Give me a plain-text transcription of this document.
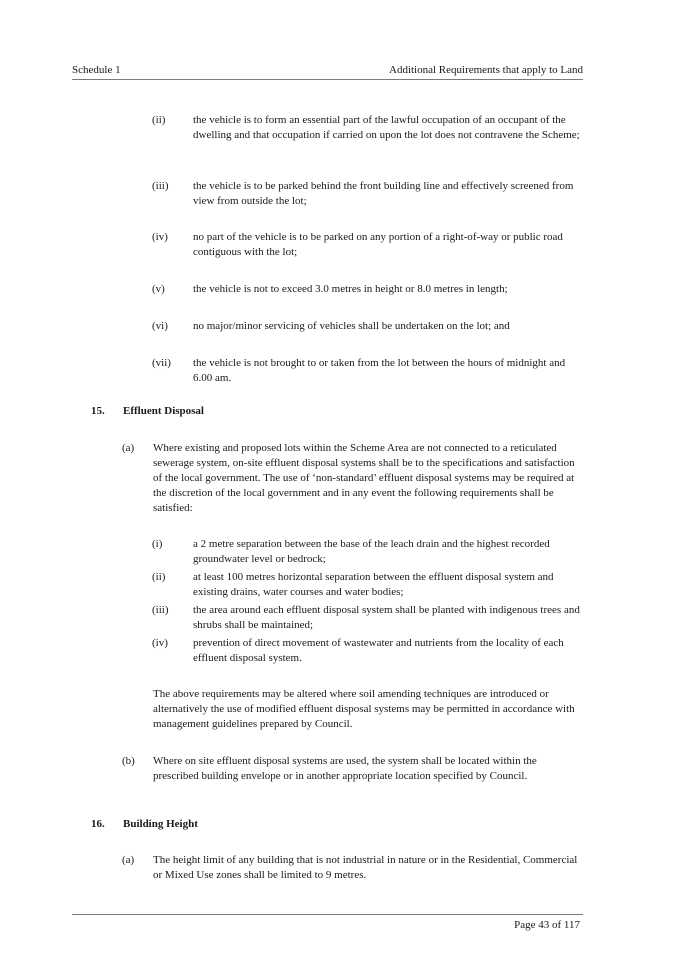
Schedule 1	Additional Requirements that apply to Land
(ii)	the vehicle is to form an essential part of the lawful occupation of an occupant of the dwelling and that occupation if carried on upon the lot does not contravene the Scheme;
(iii) the vehicle is to be parked behind the front building line and effectively screened from view from outside the lot;
(iv) no part of the vehicle is to be parked on any portion of a right-of-way or public road contiguous with the lot;
(v)	the vehicle is not to exceed 3.0 metres in height or 8.0 metres in length;
(vi) no major/minor servicing of vehicles shall be undertaken on the lot; and
(vii) the vehicle is not brought to or taken from the lot between the hours of midnight and 6.00 am.
15. Effluent Disposal
(a) Where existing and proposed lots within the Scheme Area are not connected to a reticulated sewerage system, on-site effluent disposal systems shall be to the specifications and satisfaction of the local government. The use of ‘non-standard’ effluent disposal systems may be required at the discretion of the local government and in any event the following requirements shall be satisfied:
(i)	a 2 metre separation between the base of the leach drain and the highest recorded groundwater level or bedrock;
(ii)	at least 100 metres horizontal separation between the effluent disposal system and existing drains, water courses and water bodies;
(iii) the area around each effluent disposal system shall be planted with indigenous trees and shrubs shall be maintained;
(iv) prevention of direct movement of wastewater and nutrients from the locality of each effluent disposal system.
The above requirements may be altered where soil amending techniques are introduced or alternatively the use of modified effluent disposal systems may be permitted in accordance with management guidelines prepared by Council.
(b) Where on site effluent disposal systems are used, the system shall be located within the prescribed building envelope or in another appropriate location specified by Council.
16. Building Height
(a) The height limit of any building that is not industrial in nature or in the Residential, Commercial or Mixed Use zones shall be limited to 9 metres.
Page 43 of 117
